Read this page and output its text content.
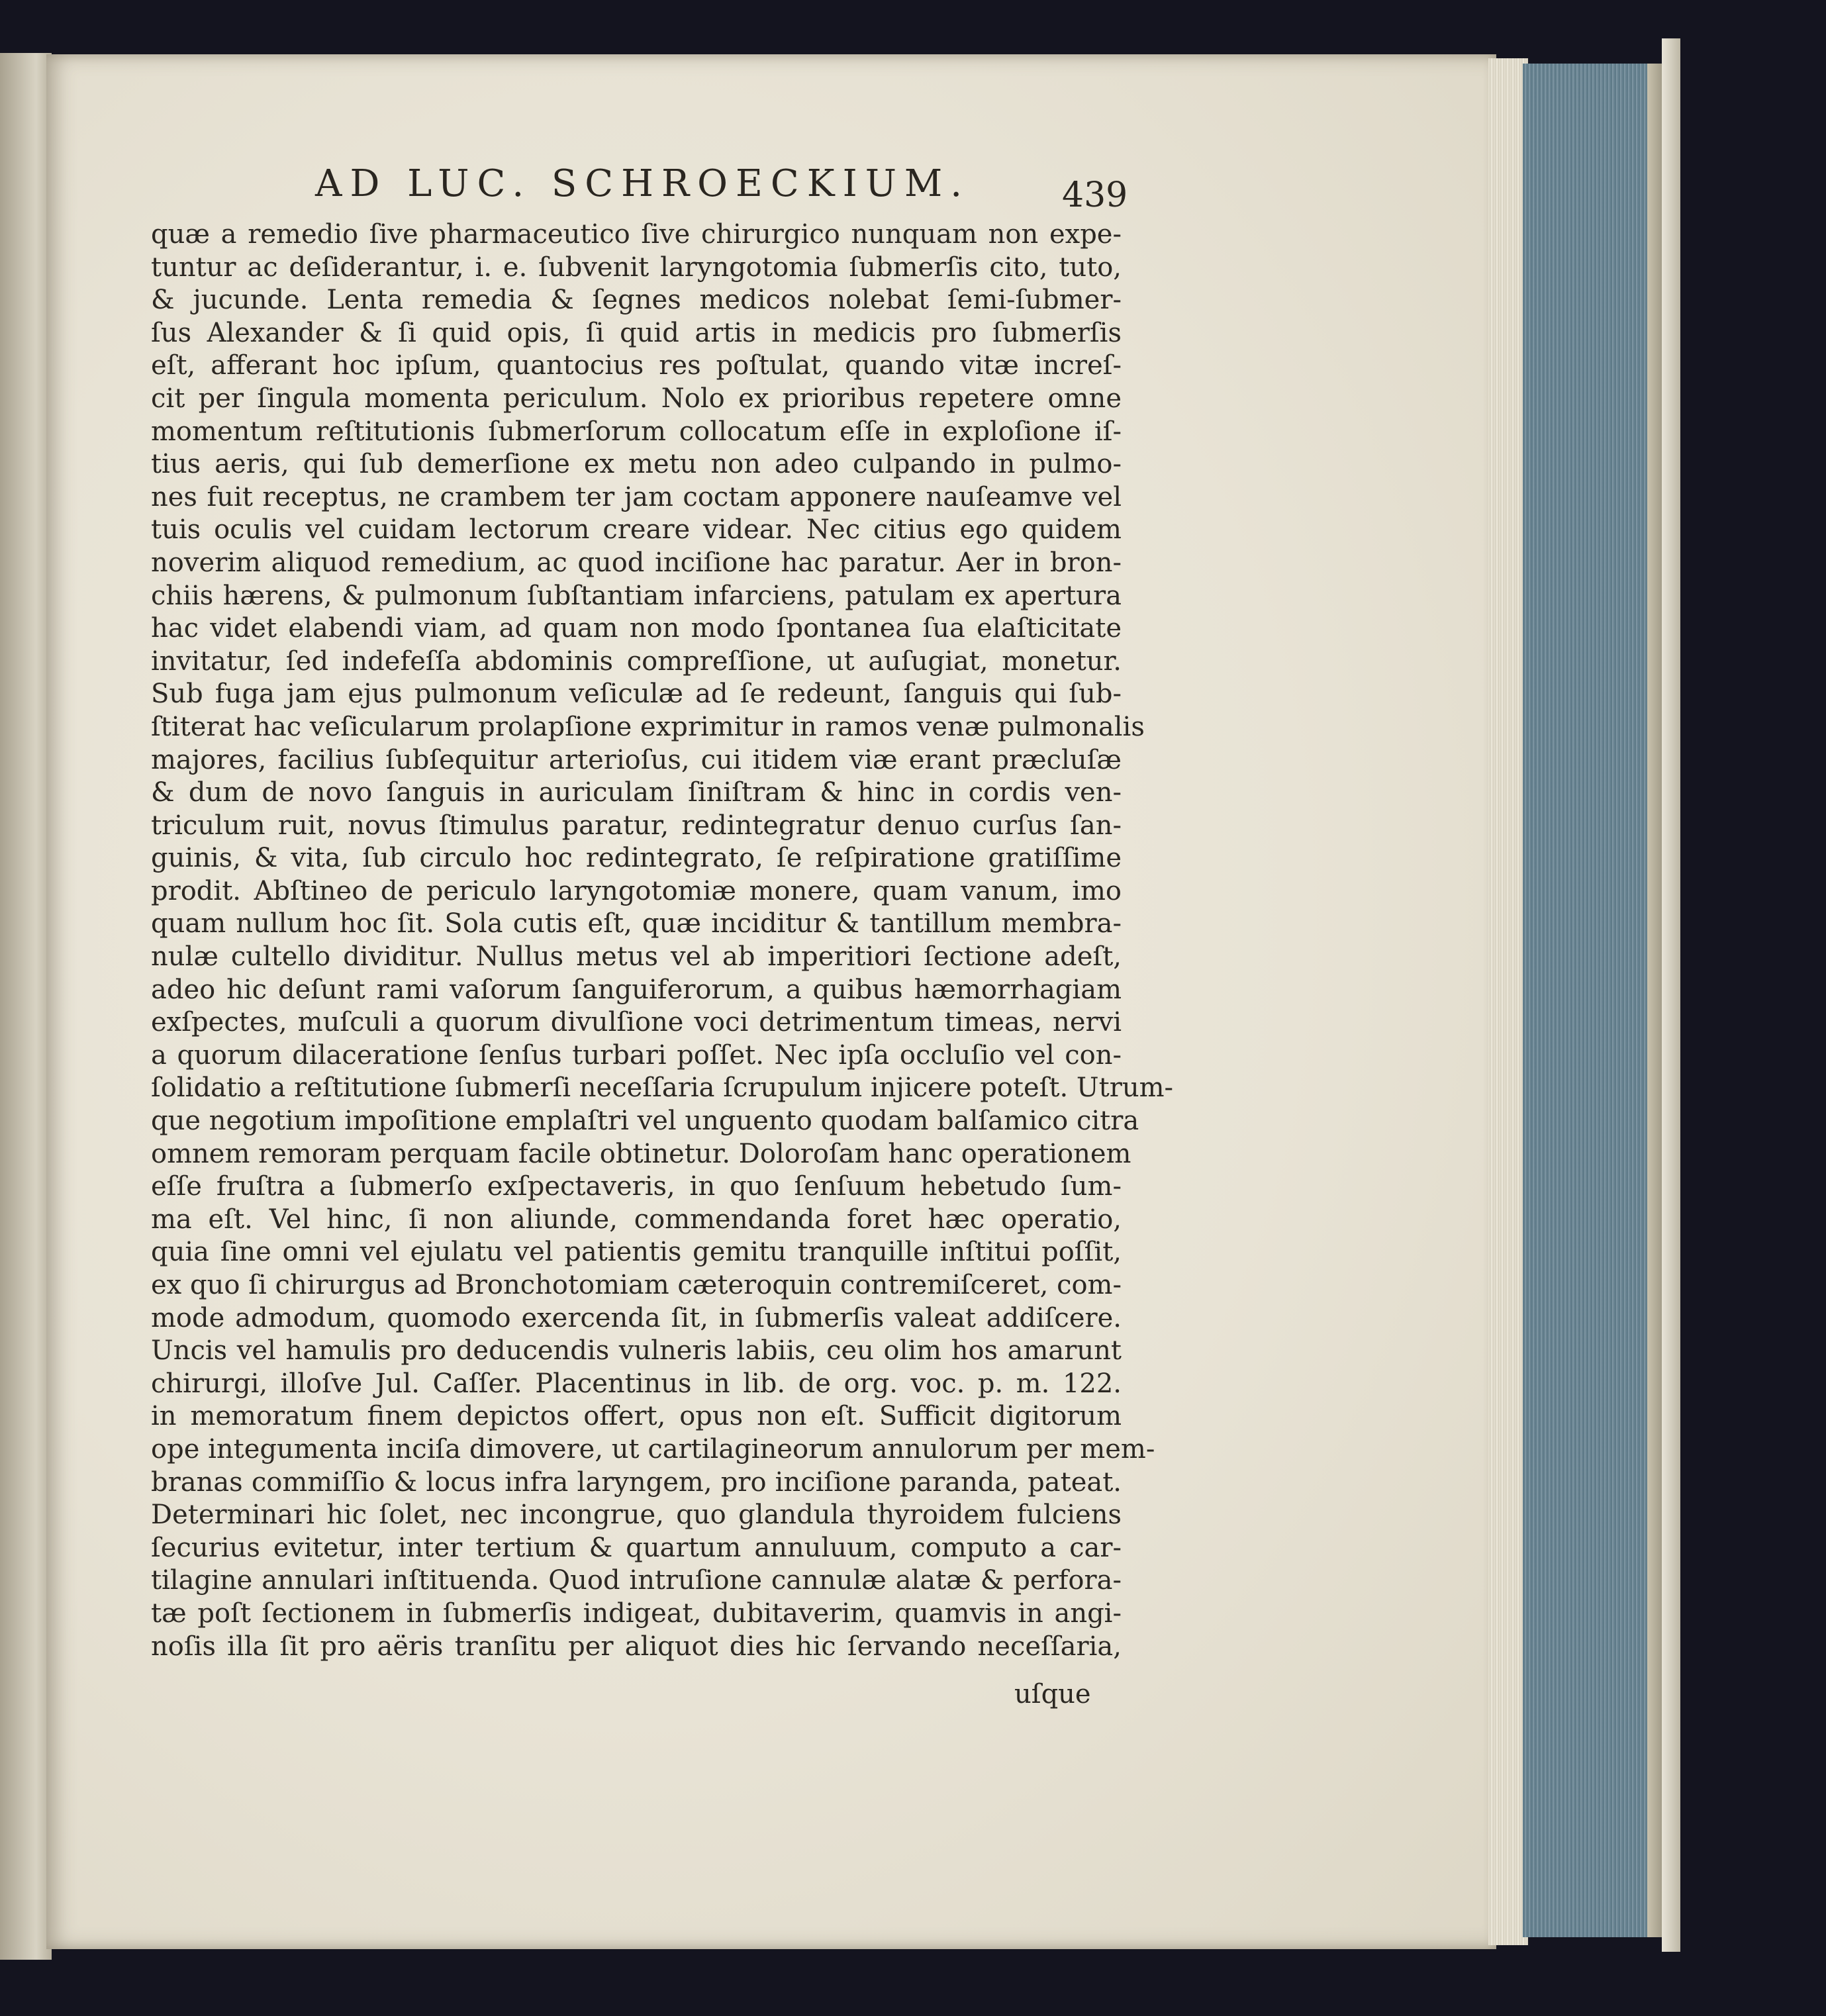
AD LUC. SCHROECKIUM.	439
quæ a remedio ſive pharmaceutico ſive chirurgico nunquam non expe-
tuntur ac deſiderantur, i. e. ſubvenit laryngotomia ſubmerſis cito, tuto,
& jucunde. Lenta remedia & ſegnes medicos nolebat ſemi-ſubmer-
ſus Alexander & ſi quid opis, ſi quid artis in medicis pro ſubmerſis
eſt, afferant hoc ipſum, quantocius res poſtulat, quando vitæ increſ-
cit per ſingula momenta periculum. Nolo ex prioribus repetere omne
momentum reſtitutionis ſubmerſorum collocatum eſſe in exploſione iſ-
tius aeris, qui ſub demerſione ex metu non adeo culpando in pulmo-
nes fuit receptus, ne crambem ter jam coctam apponere nauſeamve vel
tuis oculis vel cuidam lectorum creare videar. Nec citius ego quidem
noverim aliquod remedium, ac quod inciſione hac paratur. Aer in bron-
chiis hærens, & pulmonum ſubſtantiam infarciens, patulam ex apertura
hac videt elabendi viam, ad quam non modo ſpontanea ſua elaſticitate
invitatur, ſed indefeſſa abdominis compreſſione, ut auſugiat, monetur.
Sub fuga jam ejus pulmonum veſiculæ ad ſe redeunt, ſanguis qui ſub-
ſtiterat hac veſicularum prolapſione exprimitur in ramos venæ pulmonalis
majores, facilius ſubſequitur arterioſus, cui itidem viæ erant præcluſæ
& dum de novo ſanguis in auriculam ſiniſtram & hinc in cordis ven-
triculum ruit, novus ſtimulus paratur, redintegratur denuo curſus ſan-
guinis, & vita, ſub circulo hoc redintegrato, ſe reſpiratione gratiſſime
prodit. Abſtineo de periculo laryngotomiæ monere, quam vanum, imo
quam nullum hoc ſit. Sola cutis eſt, quæ inciditur & tantillum membra-
nulæ cultello dividitur. Nullus metus vel ab imperitiori ſectione adeſt,
adeo hic deſunt rami vaſorum ſanguiferorum, a quibus hæmorrhagiam
exſpectes, muſculi a quorum divulſione voci detrimentum timeas, nervi
a quorum dilaceratione ſenſus turbari poſſet. Nec ipſa occluſio vel con-
ſolidatio a reſtitutione ſubmerſi neceſſaria ſcrupulum injicere poteſt. Utrum-
que negotium impoſitione emplaſtri vel unguento quodam balſamico citra
omnem remoram perquam facile obtinetur. Doloroſam hanc operationem
eſſe fruſtra a ſubmerſo exſpectaveris, in quo ſenſuum hebetudo ſum-
ma eſt. Vel hinc, ſi non aliunde, commendanda foret hæc operatio,
quia ſine omni vel ejulatu vel patientis gemitu tranquille inſtitui poſſit,
ex quo ſi chirurgus ad Bronchotomiam cæteroquin contremiſceret, com-
mode admodum, quomodo exercenda ſit, in ſubmerſis valeat addiſcere.
Uncis vel hamulis pro deducendis vulneris labiis, ceu olim hos amarunt
chirurgi, illoſve Jul. Caſſer. Placentinus in lib. de org. voc. p. m. 122.
in memoratum finem depictos offert, opus non eſt. Sufficit digitorum
ope integumenta inciſa dimovere, ut cartilagineorum annulorum per mem-
branas commiſſio & locus infra laryngem, pro inciſione paranda, pateat.
Determinari hic ſolet, nec incongrue, quo glandula thyroidem fulciens
ſecurius evitetur, inter tertium & quartum annuluum, computo a car-
tilagine annulari inſtituenda. Quod intruſione cannulæ alatæ & perfora-
tæ poſt ſectionem in ſubmerſis indigeat, dubitaverim, quamvis in angi-
noſis illa ſit pro aëris tranſitu per aliquot dies hic ſervando neceſſaria,
uſque
